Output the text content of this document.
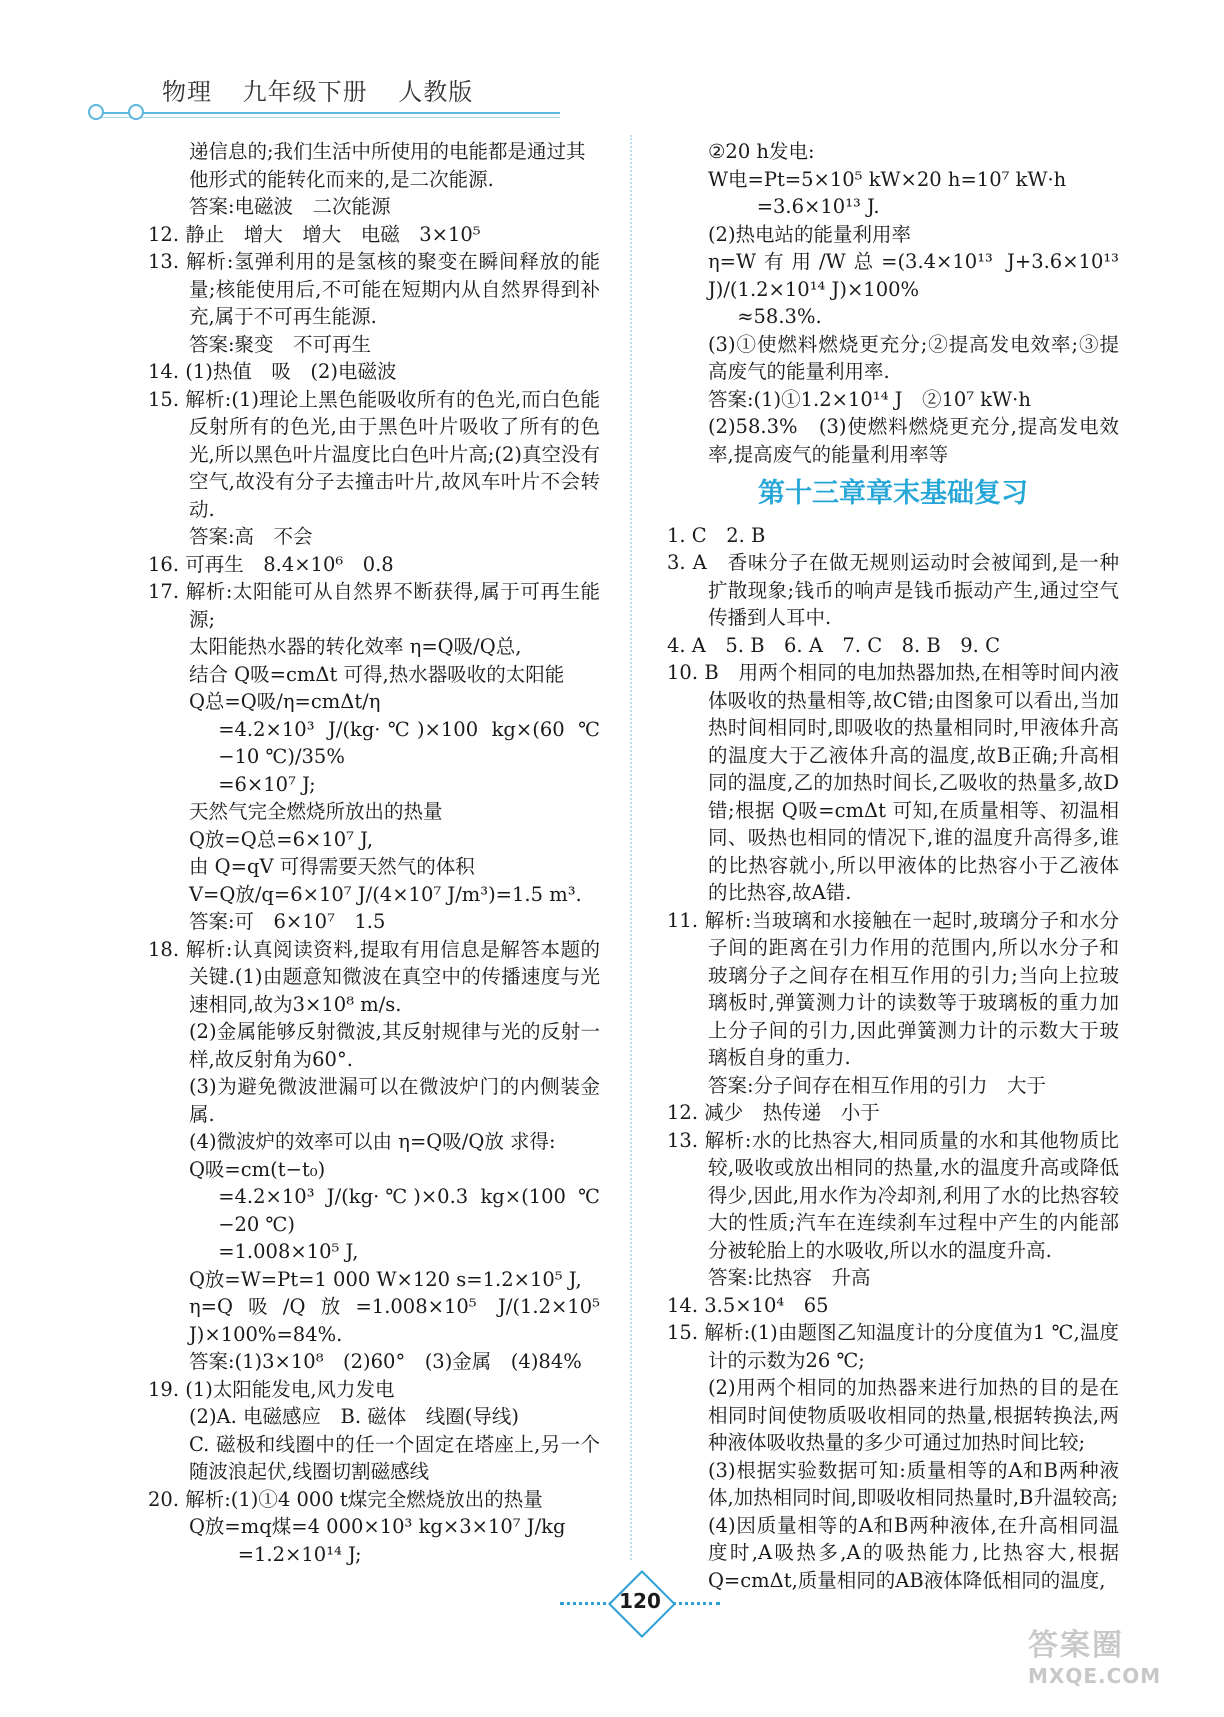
物理 九年级下册 人教版

递信息的;我们生活中所使用的电能都是通过其

他形式的能转化而来的,是二次能源.

答案:电磁波　二次能源

12. 静止　增大　增大　电磁　3×10⁵

13. 解析:氢弹利用的是氢核的聚变在瞬间释放的能量;核能使用后,不可能在短期内从自然界得到补充,属于不可再生能源.

答案:聚变　不可再生

14. (1)热值　吸　(2)电磁波

15. 解析:(1)理论上黑色能吸收所有的色光,而白色能反射所有的色光,由于黑色叶片吸收了所有的色光,所以黑色叶片温度比白色叶片高;(2)真空没有空气,故没有分子去撞击叶片,故风车叶片不会转动.

答案:高　不会

16. 可再生　8.4×10⁶　0.8

17. 解析:太阳能可从自然界不断获得,属于可再生能源;

太阳能热水器的转化效率 η=Q吸/Q总,

结合 Q吸=cmΔt 可得,热水器吸收的太阳能

Q总=Q吸/η=cmΔt/η

=4.2×10³ J/(kg·℃)×100 kg×(60 ℃−10 ℃)/35%

=6×10⁷ J;

天然气完全燃烧所放出的热量

Q放=Q总=6×10⁷ J,

由 Q=qV 可得需要天然气的体积

V=Q放/q=6×10⁷ J/(4×10⁷ J/m³)=1.5 m³.

答案:可　6×10⁷　1.5

18. 解析:认真阅读资料,提取有用信息是解答本题的关键.(1)由题意知微波在真空中的传播速度与光速相同,故为3×10⁸ m/s.

(2)金属能够反射微波,其反射规律与光的反射一样,故反射角为60°.

(3)为避免微波泄漏可以在微波炉门的内侧装金属.

(4)微波炉的效率可以由 η=Q吸/Q放 求得:

Q吸=cm(t−t₀)

=4.2×10³ J/(kg·℃)×0.3 kg×(100 ℃−20 ℃)

=1.008×10⁵ J,

Q放=W=Pt=1 000 W×120 s=1.2×10⁵ J,

η=Q吸/Q放=1.008×10⁵ J/(1.2×10⁵ J)×100%=84%.

答案:(1)3×10⁸　(2)60°　(3)金属　(4)84%

19. (1)太阳能发电,风力发电

(2)A. 电磁感应　B. 磁体　线圈(导线)

C. 磁极和线圈中的任一个固定在塔座上,另一个随波浪起伏,线圈切割磁感线

20. 解析:(1)①4 000 t煤完全燃烧放出的热量

Q放=mq煤=4 000×10³ kg×3×10⁷ J/kg

=1.2×10¹⁴ J;

②20 h发电:

W电=Pt=5×10⁵ kW×20 h=10⁷ kW·h

=3.6×10¹³ J.

(2)热电站的能量利用率

η=W有用/W总=(3.4×10¹³ J+3.6×10¹³ J)/(1.2×10¹⁴ J)×100%

≈58.3%.

(3)①使燃料燃烧更充分;②提高发电效率;③提高废气的能量利用率.

答案:(1)①1.2×10¹⁴ J　②10⁷ kW·h

(2)58.3%　(3)使燃料燃烧更充分,提高发电效率,提高废气的能量利用率等

第十三章章末基础复习

1. C　2. B

3. A　香味分子在做无规则运动时会被闻到,是一种扩散现象;钱币的响声是钱币振动产生,通过空气传播到人耳中.

4. A　5. B　6. A　7. C　8. B　9. C

10. B　用两个相同的电加热器加热,在相等时间内液体吸收的热量相等,故C错;由图象可以看出,当加热时间相同时,即吸收的热量相同时,甲液体升高的温度大于乙液体升高的温度,故B正确;升高相同的温度,乙的加热时间长,乙吸收的热量多,故D错;根据 Q吸=cmΔt 可知,在质量相等、初温相同、吸热也相同的情况下,谁的温度升高得多,谁的比热容就小,所以甲液体的比热容小于乙液体的比热容,故A错.

11. 解析:当玻璃和水接触在一起时,玻璃分子和水分子间的距离在引力作用的范围内,所以水分子和玻璃分子之间存在相互作用的引力;当向上拉玻璃板时,弹簧测力计的读数等于玻璃板的重力加上分子间的引力,因此弹簧测力计的示数大于玻璃板自身的重力.

答案:分子间存在相互作用的引力　大于

12. 减少　热传递　小于

13. 解析:水的比热容大,相同质量的水和其他物质比较,吸收或放出相同的热量,水的温度升高或降低得少,因此,用水作为冷却剂,利用了水的比热容较大的性质;汽车在连续刹车过程中产生的内能部分被轮胎上的水吸收,所以水的温度升高.

答案:比热容　升高

14. 3.5×10⁴　65

15. 解析:(1)由题图乙知温度计的分度值为1 ℃,温度计的示数为26 ℃;

(2)用两个相同的加热器来进行加热的目的是在相同时间使物质吸收相同的热量,根据转换法,两种液体吸收热量的多少可通过加热时间比较;

(3)根据实验数据可知:质量相等的A和B两种液体,加热相同时间,即吸收相同热量时,B升温较高;

(4)因质量相等的A和B两种液体,在升高相同温度时,A吸热多,A的吸热能力,比热容大,根据Q=cmΔt,质量相同的AB液体降低相同的温度,

120
答案圈
MXQE.COM
